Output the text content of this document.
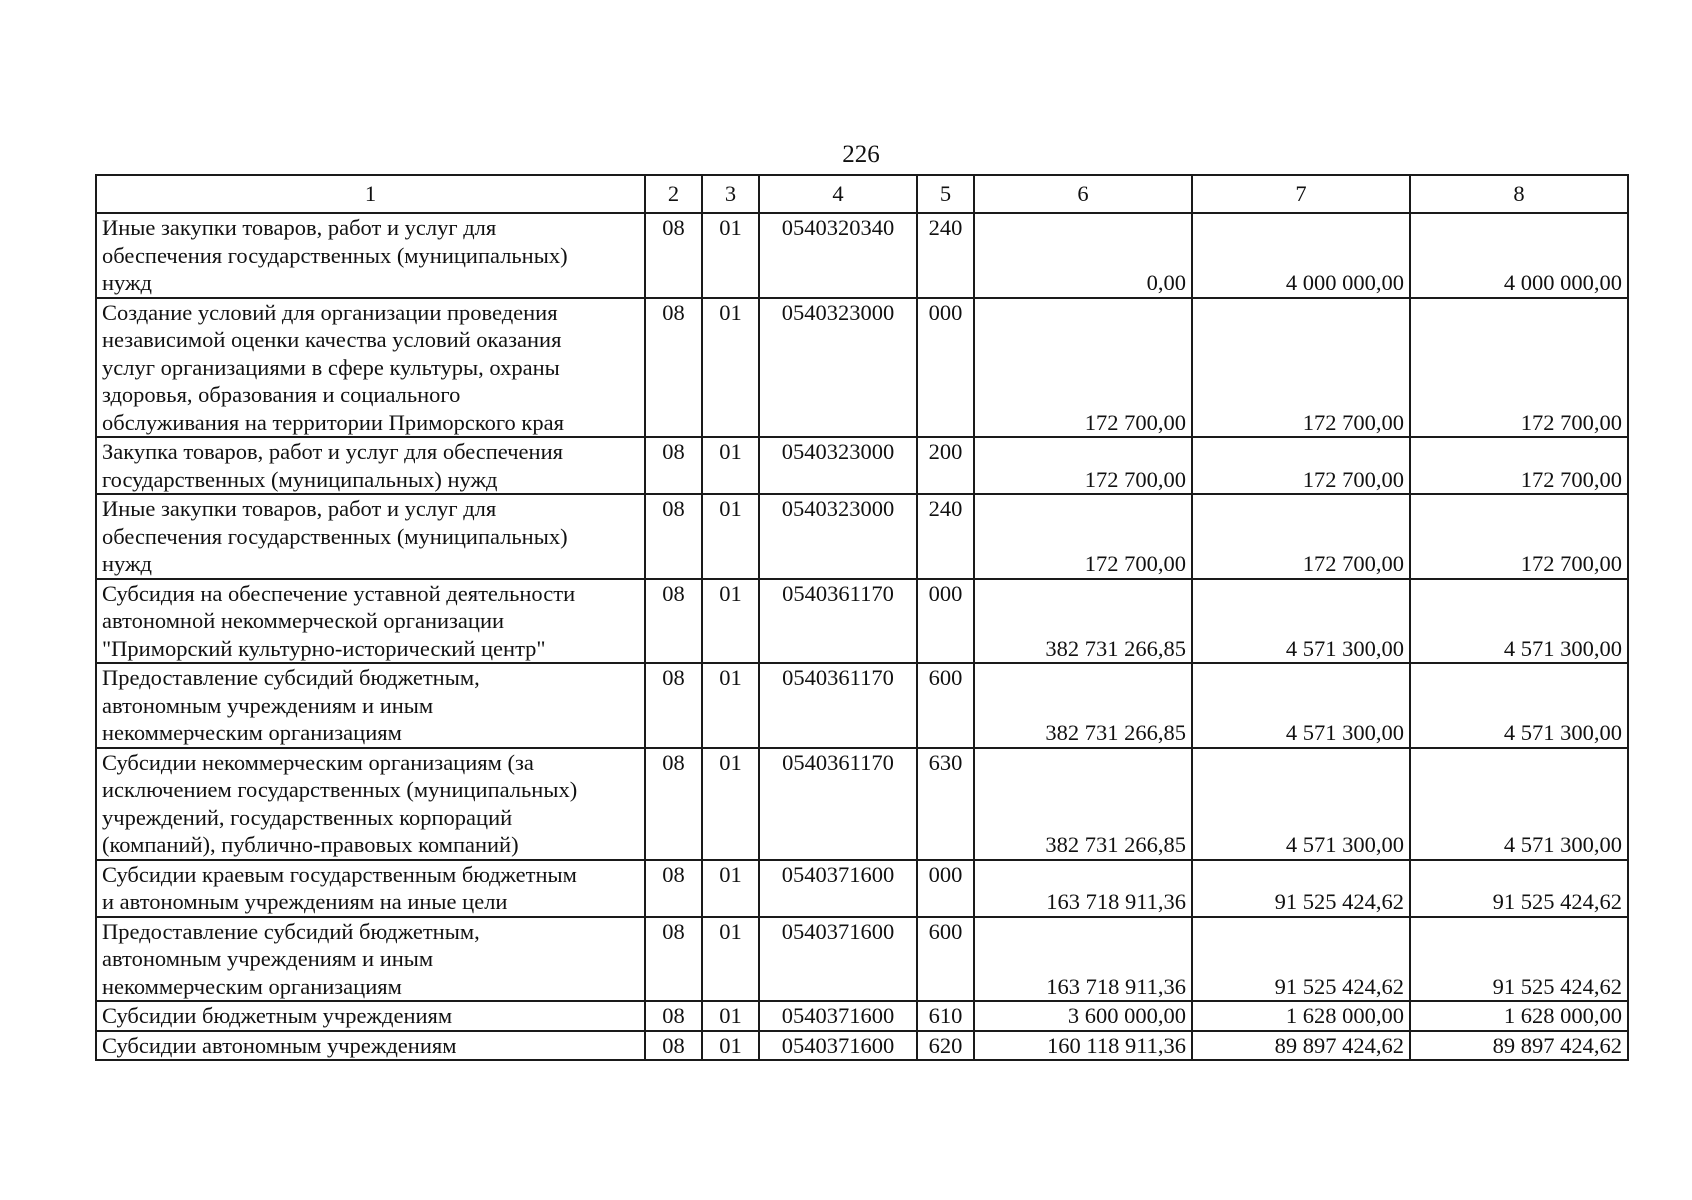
226
1	2	3	4	5	6	7	8

Иные закупки товаров, работ и услуг для
обеспечения государственных (муниципальных)
нужд	08	01	0540320340	240	0,00	4 000 000,00	4 000 000,00

Создание условий для организации проведения
независимой оценки качества условий оказания
услуг организациями в сфере культуры, охраны
здоровья, образования и социального
обслуживания на территории Приморского края	08	01	0540323000	000	172 700,00	172 700,00	172 700,00

Закупка товаров, работ и услуг для обеспечения
государственных (муниципальных) нужд	08	01	0540323000	200	172 700,00	172 700,00	172 700,00

Иные закупки товаров, работ и услуг для
обеспечения государственных (муниципальных)
нужд	08	01	0540323000	240	172 700,00	172 700,00	172 700,00

Субсидия на обеспечение уставной деятельности
автономной некоммерческой организации
"Приморский культурно-исторический центр"	08	01	0540361170	000	382 731 266,85	4 571 300,00	4 571 300,00

Предоставление субсидий бюджетным,
автономным учреждениям и иным
некоммерческим организациям	08	01	0540361170	600	382 731 266,85	4 571 300,00	4 571 300,00

Субсидии некоммерческим организациям (за
исключением государственных (муниципальных)
учреждений, государственных корпораций
(компаний), публично-правовых компаний)	08	01	0540361170	630	382 731 266,85	4 571 300,00	4 571 300,00

Субсидии краевым государственным бюджетным
и автономным учреждениям на иные цели	08	01	0540371600	000	163 718 911,36	91 525 424,62	91 525 424,62

Предоставление субсидий бюджетным,
автономным учреждениям и иным
некоммерческим организациям	08	01	0540371600	600	163 718 911,36	91 525 424,62	91 525 424,62

Субсидии бюджетным учреждениям	08	01	0540371600	610	3 600 000,00	1 628 000,00	1 628 000,00

Субсидии автономным учреждениям	08	01	0540371600	620	160 118 911,36	89 897 424,62	89 897 424,62
